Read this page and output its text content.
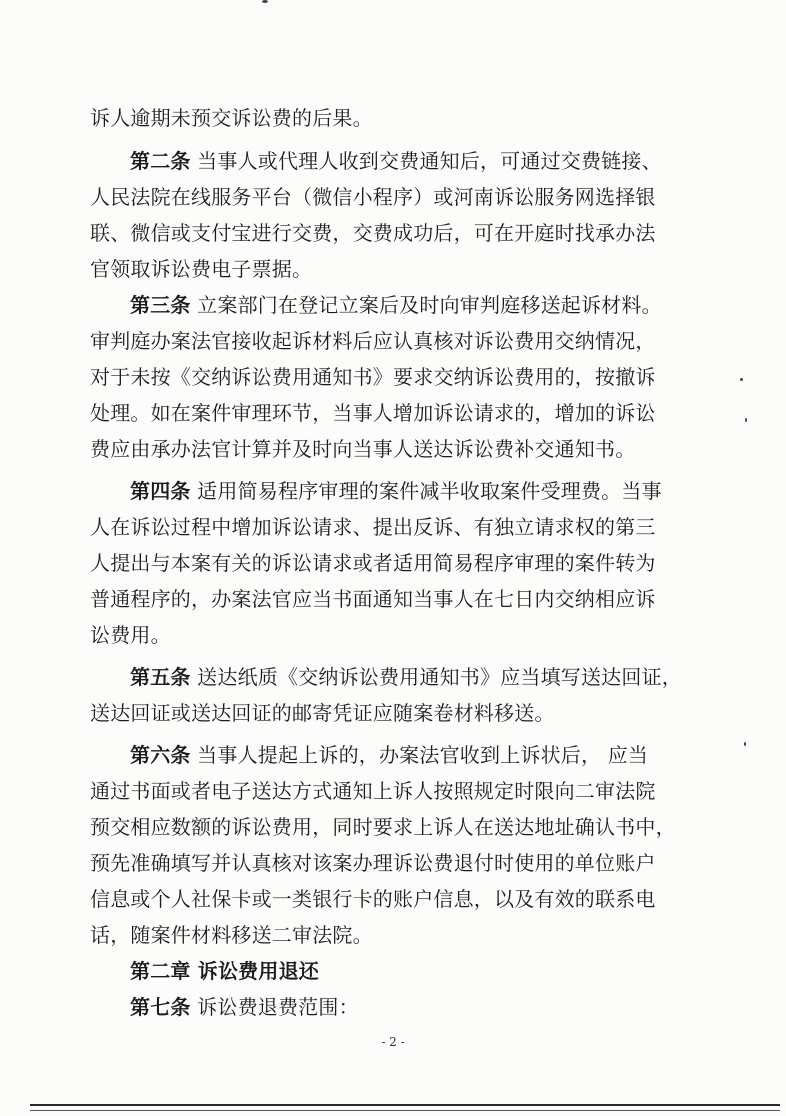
诉人逾期未预交诉讼费的后果。
第二条 当事人或代理人收到交费通知后，可通过交费链接、
人民法院在线服务平台（微信小程序）或河南诉讼服务网选择银
联、微信或支付宝进行交费，交费成功后，可在开庭时找承办法
官领取诉讼费电子票据。
第三条 立案部门在登记立案后及时向审判庭移送起诉材料。
审判庭办案法官接收起诉材料后应认真核对诉讼费用交纳情况，
对于未按《交纳诉讼费用通知书》要求交纳诉讼费用的，按撤诉
处理。如在案件审理环节，当事人增加诉讼请求的，增加的诉讼
费应由承办法官计算并及时向当事人送达诉讼费补交通知书。
第四条 适用简易程序审理的案件减半收取案件受理费。当事
人在诉讼过程中增加诉讼请求、提出反诉、有独立请求权的第三
人提出与本案有关的诉讼请求或者适用简易程序审理的案件转为
普通程序的，办案法官应当书面通知当事人在七日内交纳相应诉
讼费用。
第五条 送达纸质《交纳诉讼费用通知书》应当填写送达回证，
送达回证或送达回证的邮寄凭证应随案卷材料移送。
第六条 当事人提起上诉的，办案法官收到上诉状后， 应当
通过书面或者电子送达方式通知上诉人按照规定时限向二审法院
预交相应数额的诉讼费用，同时要求上诉人在送达地址确认书中，
预先准确填写并认真核对该案办理诉讼费退付时使用的单位账户
信息或个人社保卡或一类银行卡的账户信息，以及有效的联系电
话，随案件材料移送二审法院。
第二章 诉讼费用退还
第七条 诉讼费退费范围：
- 2 -
